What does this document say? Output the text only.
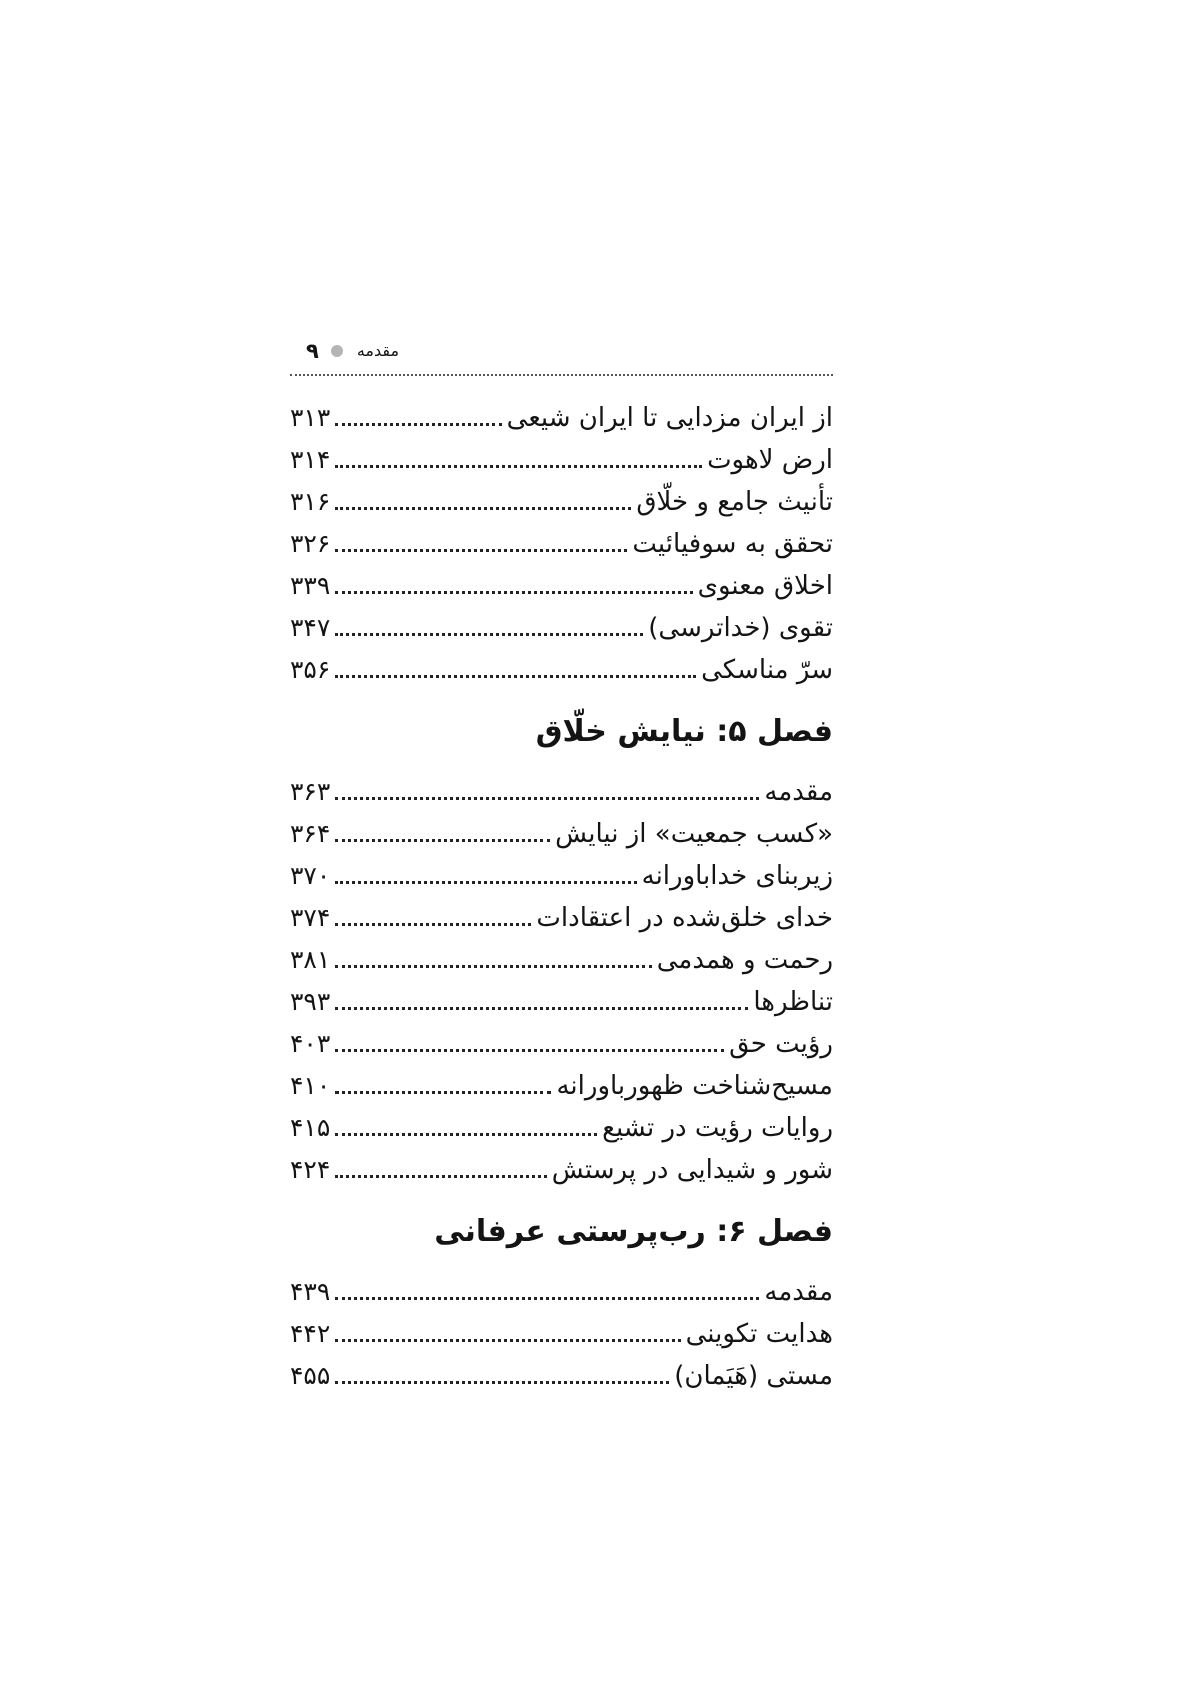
۹ مقدمه
از ایران مزدایی تا ایران شیعی
۳۱۳
ارض لاهوت
۳۱۴
تأنیث جامع و خلّاق
۳۱۶
تحقق به سوفیائیت
۳۲۶
اخلاق معنوی
۳۳۹
تقوی (خداترسی)
۳۴۷
سرّ مناسکی
۳۵۶
فصل ۵: نیایش خلّاق
مقدمه
۳۶۳
«کسب جمعیت» از نیایش
۳۶۴
زیربنای خداباورانه
۳۷۰
خدای خلق‌شده در اعتقادات
۳۷۴
رحمت و همدمی
۳۸۱
تناظرها
۳۹۳
رؤیت حق
۴۰۳
مسیح‌شناخت ظهورباورانه
۴۱۰
روایات رؤیت در تشیع
۴۱۵
شور و شیدایی در پرستش
۴۲۴
فصل ۶: رب‌پرستی عرفانی
مقدمه
۴۳۹
هدایت تکوینی
۴۴۲
مستی (هَیَمان)
۴۵۵
